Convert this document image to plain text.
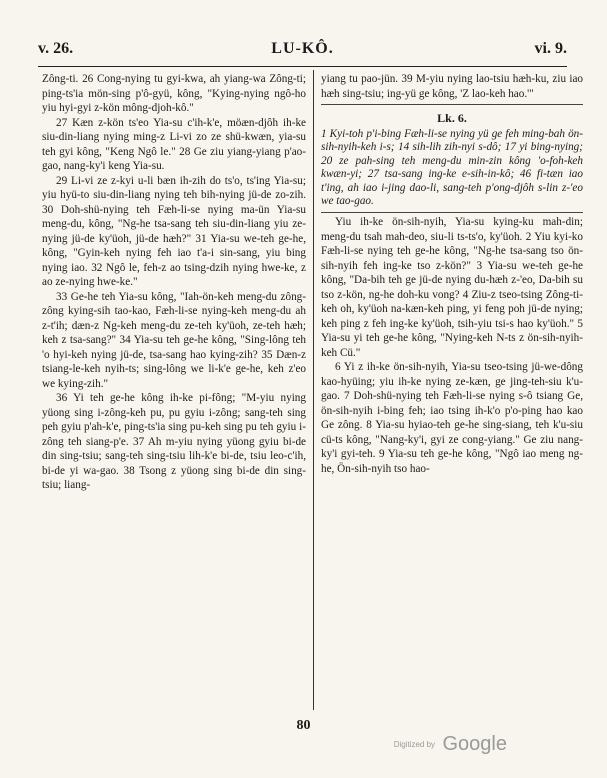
v. 26.	LU-KÔ.	vi. 9.

Zông-ti. 26 Cong-nying tu gyi-kwa, ah yiang-wa Zông-ti; ping-ts'ia mön-sing p'ô-gyü, kông, "Kying-nying ngô-ho yiu hyi-gyi z-kön mông-djoh-kô."

27 Kæn z-kön ts'eo Yia-su c'ih-k'e, möæn-djôh ih-ke siu-din-liang nying ming-z Li-vi zo ze shü-kwæn, yia-su teh gyi kông, "Keng Ngô le." 28 Ge ziu yiang-yiang p'ao-gao, nang-ky'i keng Yia-su.

29 Li-vi ze z-kyi u-li bæn ih-zih do ts'o, ts'ing Yia-su; yiu hyü-to siu-din-liang nying teh bih-nying jü-de zo-zih. 30 Doh-shü-nying teh Fæh-li-se nying ma-ün Yia-su meng-du, kông, "Ng-he tsa-sang teh siu-din-liang yiu ze-nying jü-de ky'üoh, jü-de hæh?" 31 Yia-su we-teh ge-he, kông, "Gyin-keh nying feh iao t'a-i sin-sang, yiu bing nying iao. 32 Ngô le, feh-z ao tsing-dzih nying hwe-ke, z ao ze-nying hwe-ke."

33 Ge-he teh Yia-su kông, "Iah-ön-keh meng-du zông-zông kying-sih tao-kao, Fæh-li-se nying-keh meng-du ah z-t'ih; dæn-z Ng-keh meng-du ze-teh ky'üoh, ze-teh hæh; keh z tsa-sang?" 34 Yia-su teh ge-he kông, "Sing-lông teh 'o hyi-keh nying jü-de, tsa-sang hao kying-zih? 35 Dæn-z tsiang-le-keh nyih-ts; sing-lông we li-k'e ge-he, keh z'eo we kying-zih."

36 Yi teh ge-he kông ih-ke pi-fông; "M-yiu nying yüong sing i-zông-keh pu, pu gyiu i-zông; sang-teh sing peh gyiu p'ah-k'e, ping-ts'ia sing pu-keh sing pu teh gyiu i-zông teh siang-p'e. 37 Ah m-yiu nying yüong gyiu bi-de din sing-tsiu; sang-teh sing-tsiu lih-k'e bi-de, tsiu leo-c'ih, bi-de yi wa-gao. 38 Tsong z yüong sing bi-de din sing-tsiu; liang-

yiang tu pao-jün. 39 M-yiu nying lao-tsiu hæh-ku, ziu iao hæh sing-tsiu; ing-yü ge kông, 'Z lao-keh hao.'"

Lk. 6.

1 Kyi-toh p'i-bing Fæh-li-se nying yü ge feh ming-bah ön-sih-nyih-keh i-s; 14 sih-lih zih-nyi s-dô; 17 yi bing-nying; 20 ze pah-sing teh meng-du min-zin kông 'o-foh-keh kwæn-yi; 27 tsa-sang ing-ke e-sih-in-kô; 46 fi-tæn iao t'ing, ah iao i-jing dao-li, sang-teh p'ong-djôh s-lin z-'eo we tao-gao.

Yiu ih-ke ön-sih-nyih, Yia-su kying-ku mah-din; meng-du tsah mah-deo, siu-li ts-ts'o, ky'üoh. 2 Yiu kyi-ko Fæh-li-se nying teh ge-he kông, "Ng-he tsa-sang tso ön-sih-nyih feh ing-ke tso z-kön?" 3 Yia-su we-teh ge-he kông, "Da-bih teh ge jü-de nying du-hæh z-'eo, Da-bih su tso z-kön, ng-he doh-ku vong? 4 Ziu-z tseo-tsing Zông-ti-keh oh, ky'üoh na-kæn-keh ping, yi feng poh jü-de nying; keh ping z feh ing-ke ky'üoh, tsih-yiu tsi-s hao ky'üoh." 5 Yia-su yi teh ge-he kông, "Nying-keh N-ts z ön-sih-nyih-keh Cü."

6 Yi z ih-ke ön-sih-nyih, Yia-su tseo-tsing jü-we-dông kao-hyüing; yiu ih-ke nying ze-kæn, ge jing-teh-siu k'u-gao. 7 Doh-shü-nying teh Fæh-li-se nying s-ô tsiang Ge, ön-sih-nyih i-bing feh; iao tsing ih-k'o p'o-ping hao kao Ge zông. 8 Yia-su hyiao-teh ge-he sing-siang, teh k'u-siu cü-ts kông, "Nang-ky'i, gyi ze cong-yiang." Ge ziu nang-ky'i gyi-teh. 9 Yia-su teh ge-he kông, "Ngô iao meng ng-he, Ön-sih-nyih tso hao-

80
Digitized by Google
